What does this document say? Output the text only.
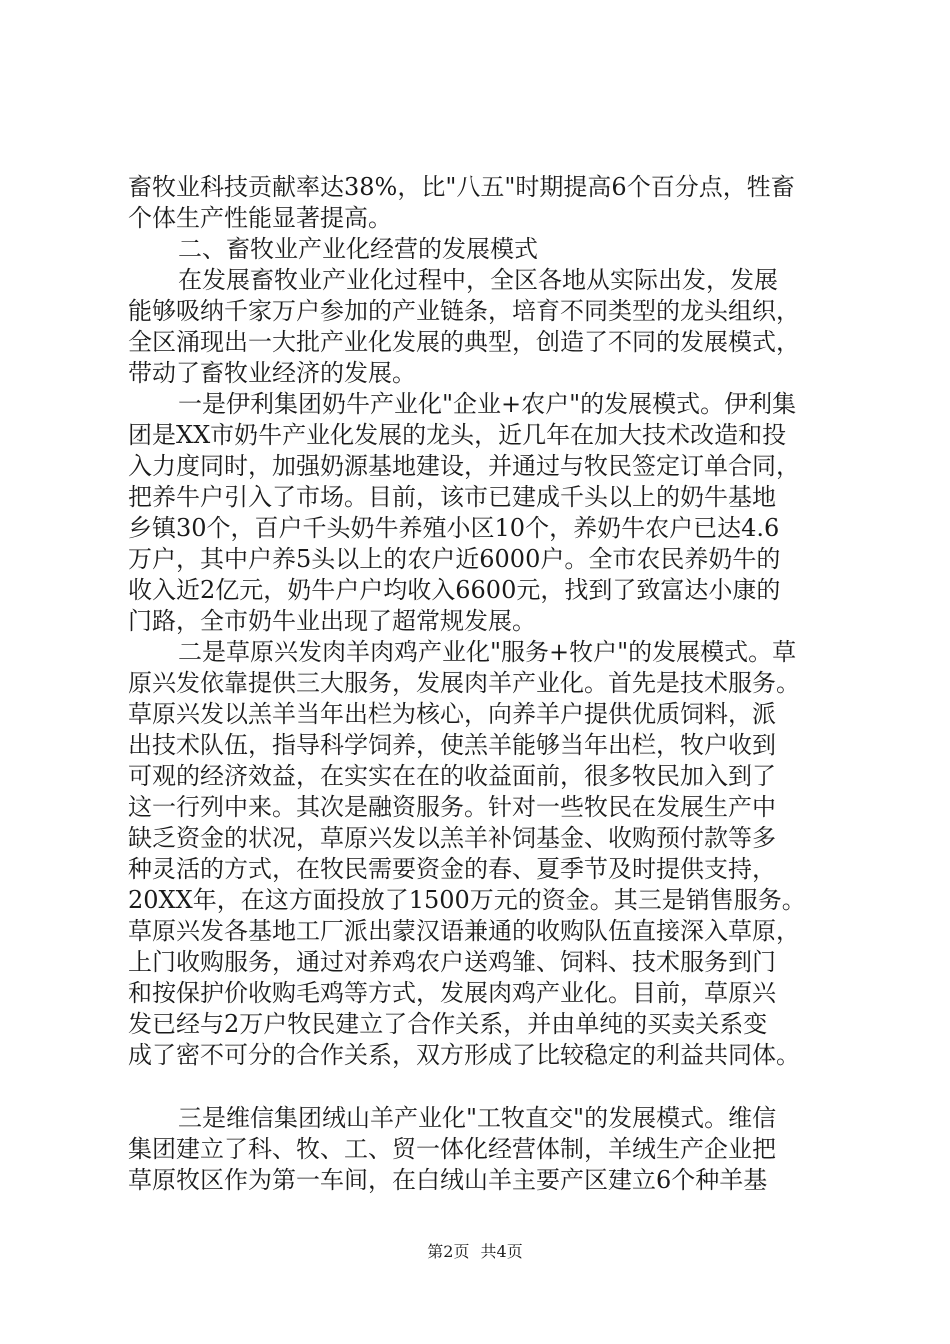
畜牧业科技贡献率达38%，比"八五"时期提高6个百分点，牲畜
个体生产性能显著提高。
二、畜牧业产业化经营的发展模式
在发展畜牧业产业化过程中，全区各地从实际出发，发展
能够吸纳千家万户参加的产业链条，培育不同类型的龙头组织，
全区涌现出一大批产业化发展的典型，创造了不同的发展模式，
带动了畜牧业经济的发展。
一是伊利集团奶牛产业化"企业+农户"的发展模式。伊利集
团是XX市奶牛产业化发展的龙头，近几年在加大技术改造和投
入力度同时，加强奶源基地建设，并通过与牧民签定订单合同，
把养牛户引入了市场。目前，该市已建成千头以上的奶牛基地
乡镇30个，百户千头奶牛养殖小区10个，养奶牛农户已达4.6
万户，其中户养5头以上的农户近6000户。全市农民养奶牛的
收入近2亿元，奶牛户户均收入6600元，找到了致富达小康的
门路，全市奶牛业出现了超常规发展。
二是草原兴发肉羊肉鸡产业化"服务+牧户"的发展模式。草
原兴发依靠提供三大服务，发展肉羊产业化。首先是技术服务。
草原兴发以羔羊当年出栏为核心，向养羊户提供优质饲料，派
出技术队伍，指导科学饲养，使羔羊能够当年出栏，牧户收到
可观的经济效益，在实实在在的收益面前，很多牧民加入到了
这一行列中来。其次是融资服务。针对一些牧民在发展生产中
缺乏资金的状况，草原兴发以羔羊补饲基金、收购预付款等多
种灵活的方式，在牧民需要资金的春、夏季节及时提供支持，
20XX年，在这方面投放了1500万元的资金。其三是销售服务。
草原兴发各基地工厂派出蒙汉语兼通的收购队伍直接深入草原，
上门收购服务，通过对养鸡农户送鸡雏、饲料、技术服务到门
和按保护价收购毛鸡等方式，发展肉鸡产业化。目前，草原兴
发已经与2万户牧民建立了合作关系，并由单纯的买卖关系变
成了密不可分的合作关系，双方形成了比较稳定的利益共同体。
三是维信集团绒山羊产业化"工牧直交"的发展模式。维信
集团建立了科、牧、工、贸一体化经营体制，羊绒生产企业把
草原牧区作为第一车间，在白绒山羊主要产区建立6个种羊基
第2页 共4页
